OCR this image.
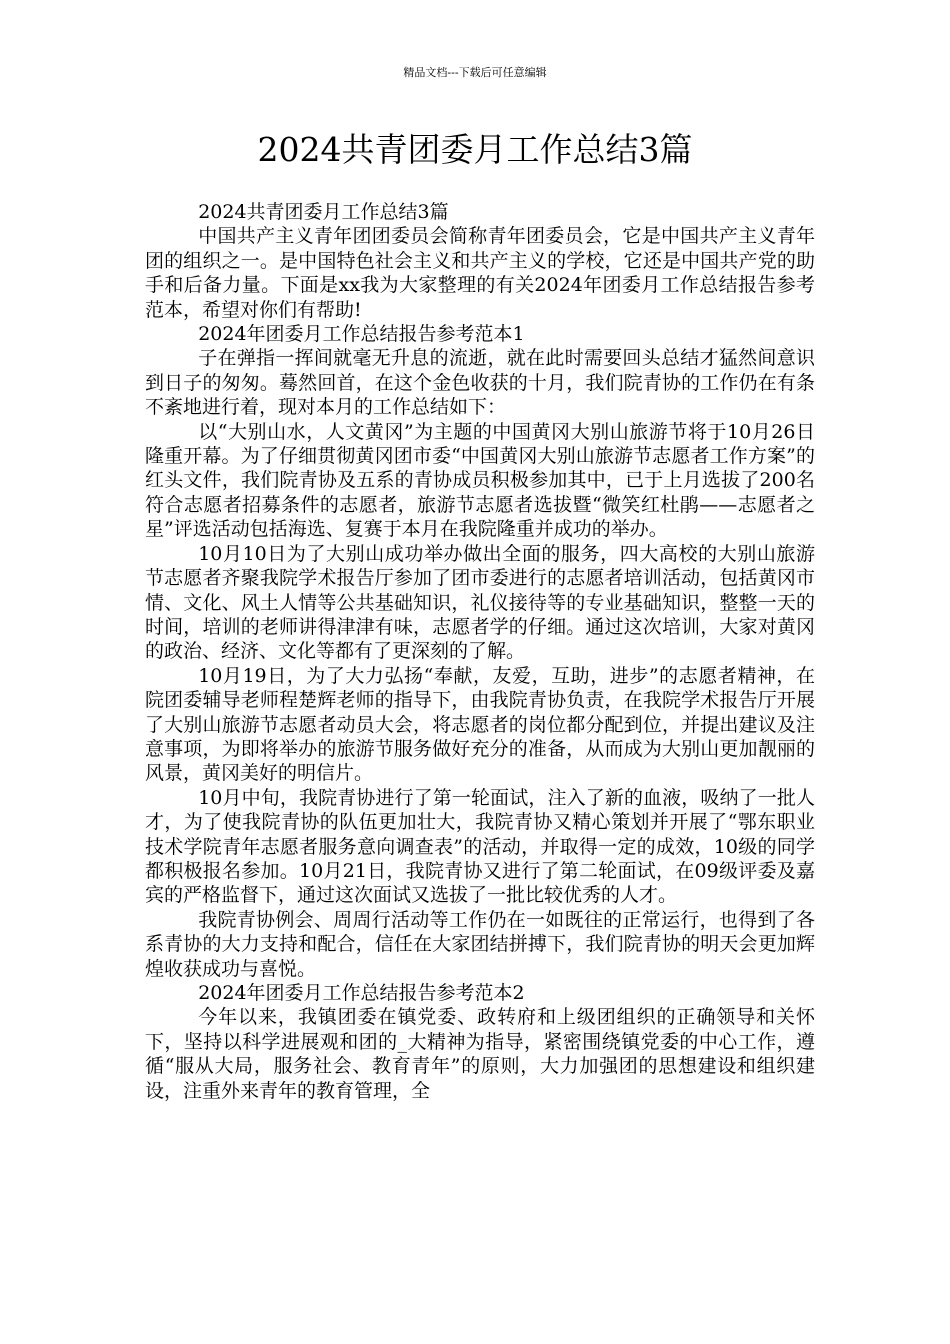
精品文档---下载后可任意编辑
2024共青团委月工作总结3篇

2024共青团委月工作总结3篇

中国共产主义青年团团委员会简称青年团委员会，它是中国共产主义青年团的组织之一。是中国特色社会主义和共产主义的学校，它还是中国共产党的助手和后备力量。下面是xx我为大家整理的有关2024年团委月工作总结报告参考范本，希望对你们有帮助!

2024年团委月工作总结报告参考范本1

子在弹指一挥间就毫无升息的流逝，就在此时需要回头总结才猛然间意识到日子的匆匆。蓦然回首，在这个金色收获的十月，我们院青协的工作仍在有条不紊地进行着，现对本月的工作总结如下：

以“大别山水，人文黄冈”为主题的中国黄冈大别山旅游节将于10月26日隆重开幕。为了仔细贯彻黄冈团市委“中国黄冈大别山旅游节志愿者工作方案”的红头文件，我们院青协及五系的青协成员积极参加其中，已于上月选拔了200名符合志愿者招募条件的志愿者，旅游节志愿者选拔暨“微笑红杜鹃——志愿者之星”评选活动包括海选、复赛于本月在我院隆重并成功的举办。

10月10日为了大别山成功举办做出全面的服务，四大高校的大别山旅游节志愿者齐聚我院学术报告厅参加了团市委进行的志愿者培训活动，包括黄冈市情、文化、风土人情等公共基础知识，礼仪接待等的专业基础知识，整整一天的时间，培训的老师讲得津津有味，志愿者学的仔细。通过这次培训，大家对黄冈的政治、经济、文化等都有了更深刻的了解。

10月19日，为了大力弘扬“奉献，友爱，互助，进步”的志愿者精神，在院团委辅导老师程楚辉老师的指导下，由我院青协负责，在我院学术报告厅开展了大别山旅游节志愿者动员大会，将志愿者的岗位都分配到位，并提出建议及注意事项，为即将举办的旅游节服务做好充分的准备，从而成为大别山更加靓丽的风景，黄冈美好的明信片。

10月中旬，我院青协进行了第一轮面试，注入了新的血液，吸纳了一批人才，为了使我院青协的队伍更加壮大，我院青协又精心策划并开展了“鄂东职业技术学院青年志愿者服务意向调查表”的活动，并取得一定的成效，10级的同学都积极报名参加。10月21日，我院青协又进行了第二轮面试，在09级评委及嘉宾的严格监督下，通过这次面试又选拔了一批比较优秀的人才。

我院青协例会、周周行活动等工作仍在一如既往的正常运行，也得到了各系青协的大力支持和配合，信任在大家团结拼搏下，我们院青协的明天会更加辉煌收获成功与喜悦。

2024年团委月工作总结报告参考范本2

今年以来，我镇团委在镇党委、政转府和上级团组织的正确领导和关怀下，坚持以科学进展观和团的_大精神为指导，紧密围绕镇党委的中心工作，遵循“服从大局，服务社会、教育青年”的原则，大力加强团的思想建设和组织建设，注重外来青年的教育管理，全
